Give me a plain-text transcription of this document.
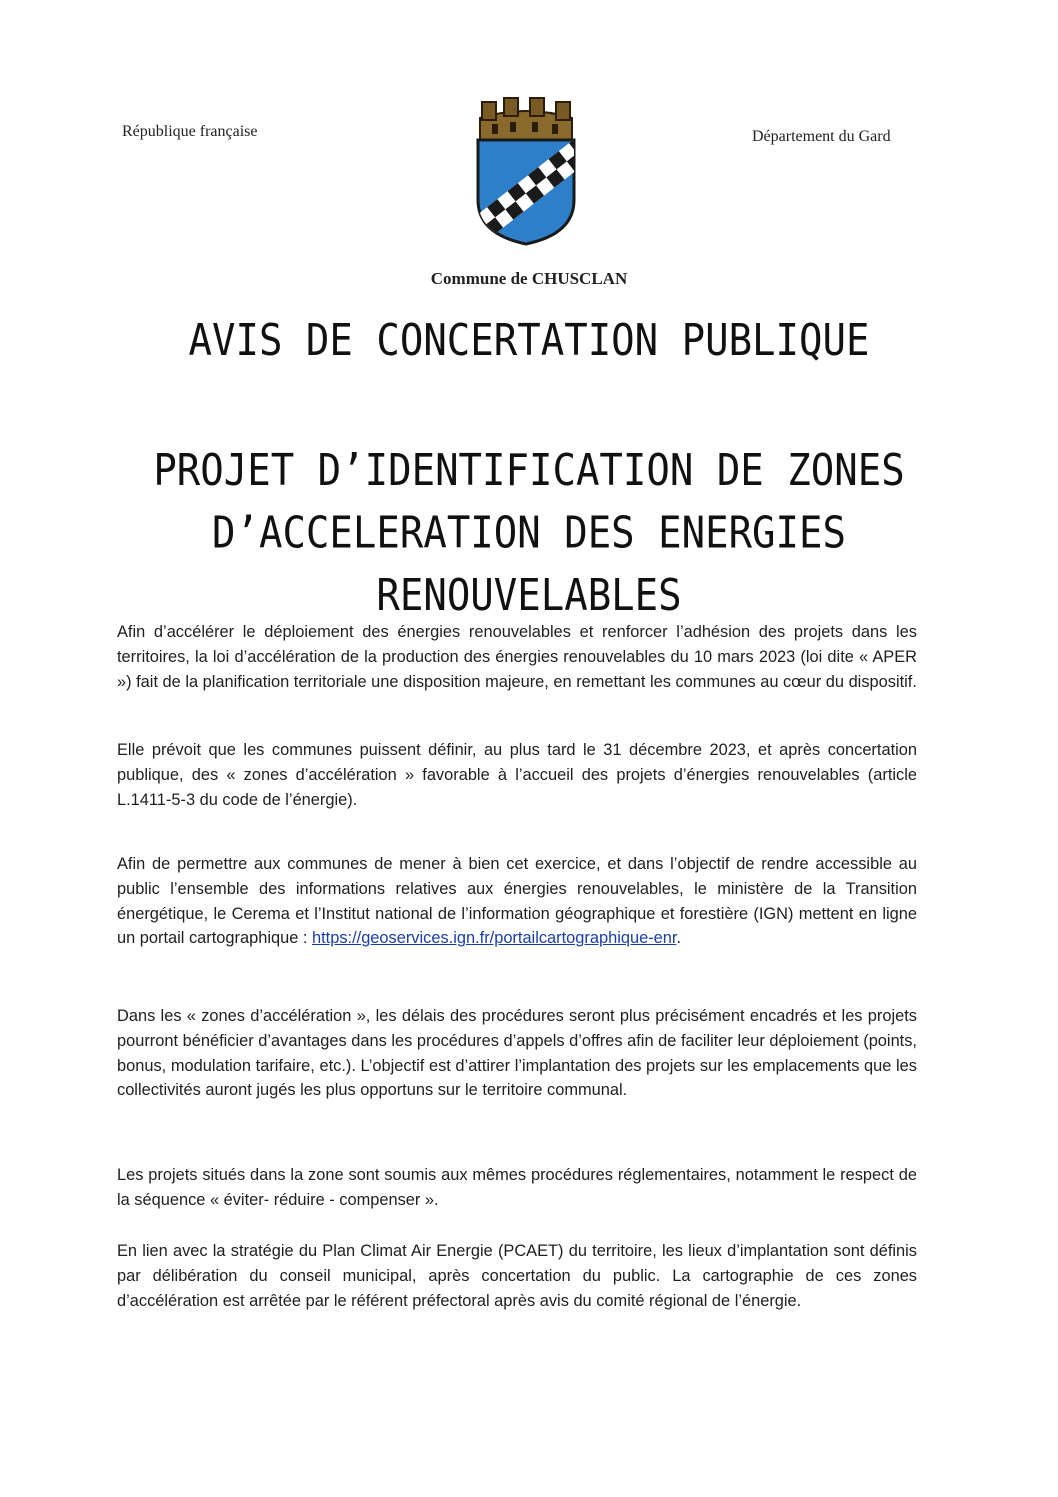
République française	Département du Gard
Commune de CHUSCLAN
AVIS DE CONCERTATION PUBLIQUE
PROJET D’IDENTIFICATION DE ZONES D’ACCELERATION DES ENERGIES RENOUVELABLES

Afin d’accélérer le déploiement des énergies renouvelables et renforcer l’adhésion des projets dans les territoires, la loi d’accélération de la production des énergies renouvelables du 10 mars 2023 (loi dite « APER ») fait de la planification territoriale une disposition majeure, en remettant les communes au cœur du dispositif.

Elle prévoit que les communes puissent définir, au plus tard le 31 décembre 2023, et après concertation publique, des « zones d’accélération » favorable à l’accueil des projets d’énergies renouvelables (article L.1411-5-3 du code de l’énergie).

Afin de permettre aux communes de mener à bien cet exercice, et dans l’objectif de rendre accessible au public l’ensemble des informations relatives aux énergies renouvelables, le ministère de la Transition énergétique, le Cerema et l’Institut national de l’information géographique et forestière (IGN) mettent en ligne un portail cartographique : https://geoservices.ign.fr/portailcartographique-enr.

Dans les « zones d’accélération », les délais des procédures seront plus précisément encadrés et les projets pourront bénéficier d’avantages dans les procédures d’appels d’offres afin de faciliter leur déploiement (points, bonus, modulation tarifaire, etc.). L’objectif est d’attirer l’implantation des projets sur les emplacements que les collectivités auront jugés les plus opportuns sur le territoire communal.

Les projets situés dans la zone sont soumis aux mêmes procédures réglementaires, notamment le respect de la séquence « éviter- réduire - compenser ».

En lien avec la stratégie du Plan Climat Air Energie (PCAET) du territoire, les lieux d’implantation sont définis par délibération du conseil municipal, après concertation du public. La cartographie de ces zones d’accélération est arrêtée par le référent préfectoral après avis du comité régional de l’énergie.
